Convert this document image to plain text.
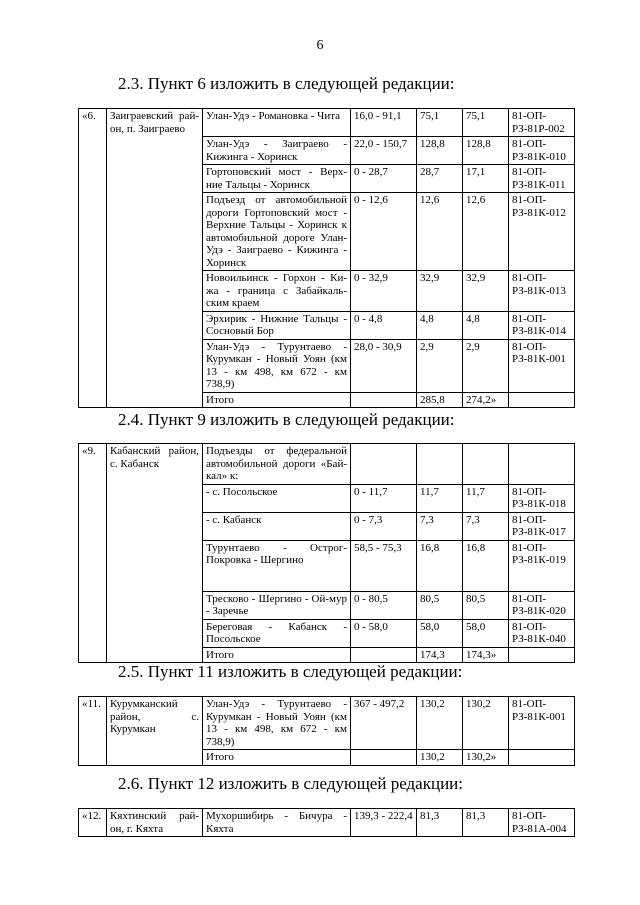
6
2.3. Пункт 6 изложить в следующей редакции:
«6.	Заиграевский рай-он, п. Заиграево	Улан-Удэ - Романовка - Чита	16,0 - 91,1	75,1	75,1	81-ОП-РЗ-81Р-002
		Улан-Удэ - Заиграево - Кижинга - Хоринск	22,0 - 150,7	128,8	128,8	81-ОП-РЗ-81К-010
		Гортоповский мост - Верх-ние Тальцы - Хоринск	0 - 28,7	28,7	17,1	81-ОП-РЗ-81К-011
		Подъезд от автомобильной дороги Гортоповский мост - Верхние Тальцы - Хоринск к автомобильной дороге Улан-Удэ - Заиграево - Кижинга - Хоринск	0 - 12,6	12,6	12,6	81-ОП-РЗ-81К-012
		Новоильинск - Горхон - Ки-жа - граница с Забайкаль-ским краем	0 - 32,9	32,9	32,9	81-ОП-РЗ-81К-013
		Эрхирик - Нижние Тальцы - Сосновый Бор	0 - 4,8	4,8	4,8	81-ОП-РЗ-81К-014
		Улан-Удэ - Турунтаево - Курумкан - Новый Уоян (км 13 - км 498, км 672 - км 738,9)	28,0 - 30,9	2,9	2,9	81-ОП-РЗ-81К-001
		Итого		285,8	274,2»	
2.4. Пункт 9 изложить в следующей редакции:
«9.	Кабанский район, с. Кабанск	Подъезды от федеральной автомобильной дороги «Бай-кал» к:				
		- с. Посольское	0 - 11,7	11,7	11,7	81-ОП-РЗ-81К-018
		- с. Кабанск	0 - 7,3	7,3	7,3	81-ОП-РЗ-81К-017
		Турунтаево - Острог-Покровка - Шергино	58,5 - 75,3	16,8	16,8	81-ОП-РЗ-81К-019
		Тресково - Шергино - Ой-мур - Заречье	0 - 80,5	80,5	80,5	81-ОП-РЗ-81К-020
		Береговая - Кабанск - Посольское	0 - 58,0	58,0	58,0	81-ОП-РЗ-81К-040
		Итого		174,3	174,3»	
2.5. Пункт 11 изложить в следующей редакции:
«11.	Курумканский район, с. Курумкан	Улан-Удэ - Турунтаево - Курумкан - Новый Уоян (км 13 - км 498, км 672 - км 738,9)	367 - 497,2	130,2	130,2	81-ОП-РЗ-81К-001
		Итого		130,2	130,2»	
2.6. Пункт 12 изложить в следующей редакции:
«12.	Кяхтинский рай-он, г. Кяхта	Мухоршибирь - Бичура - Кяхта	139,3 - 222,4	81,3	81,3	81-ОП-РЗ-81А-004
